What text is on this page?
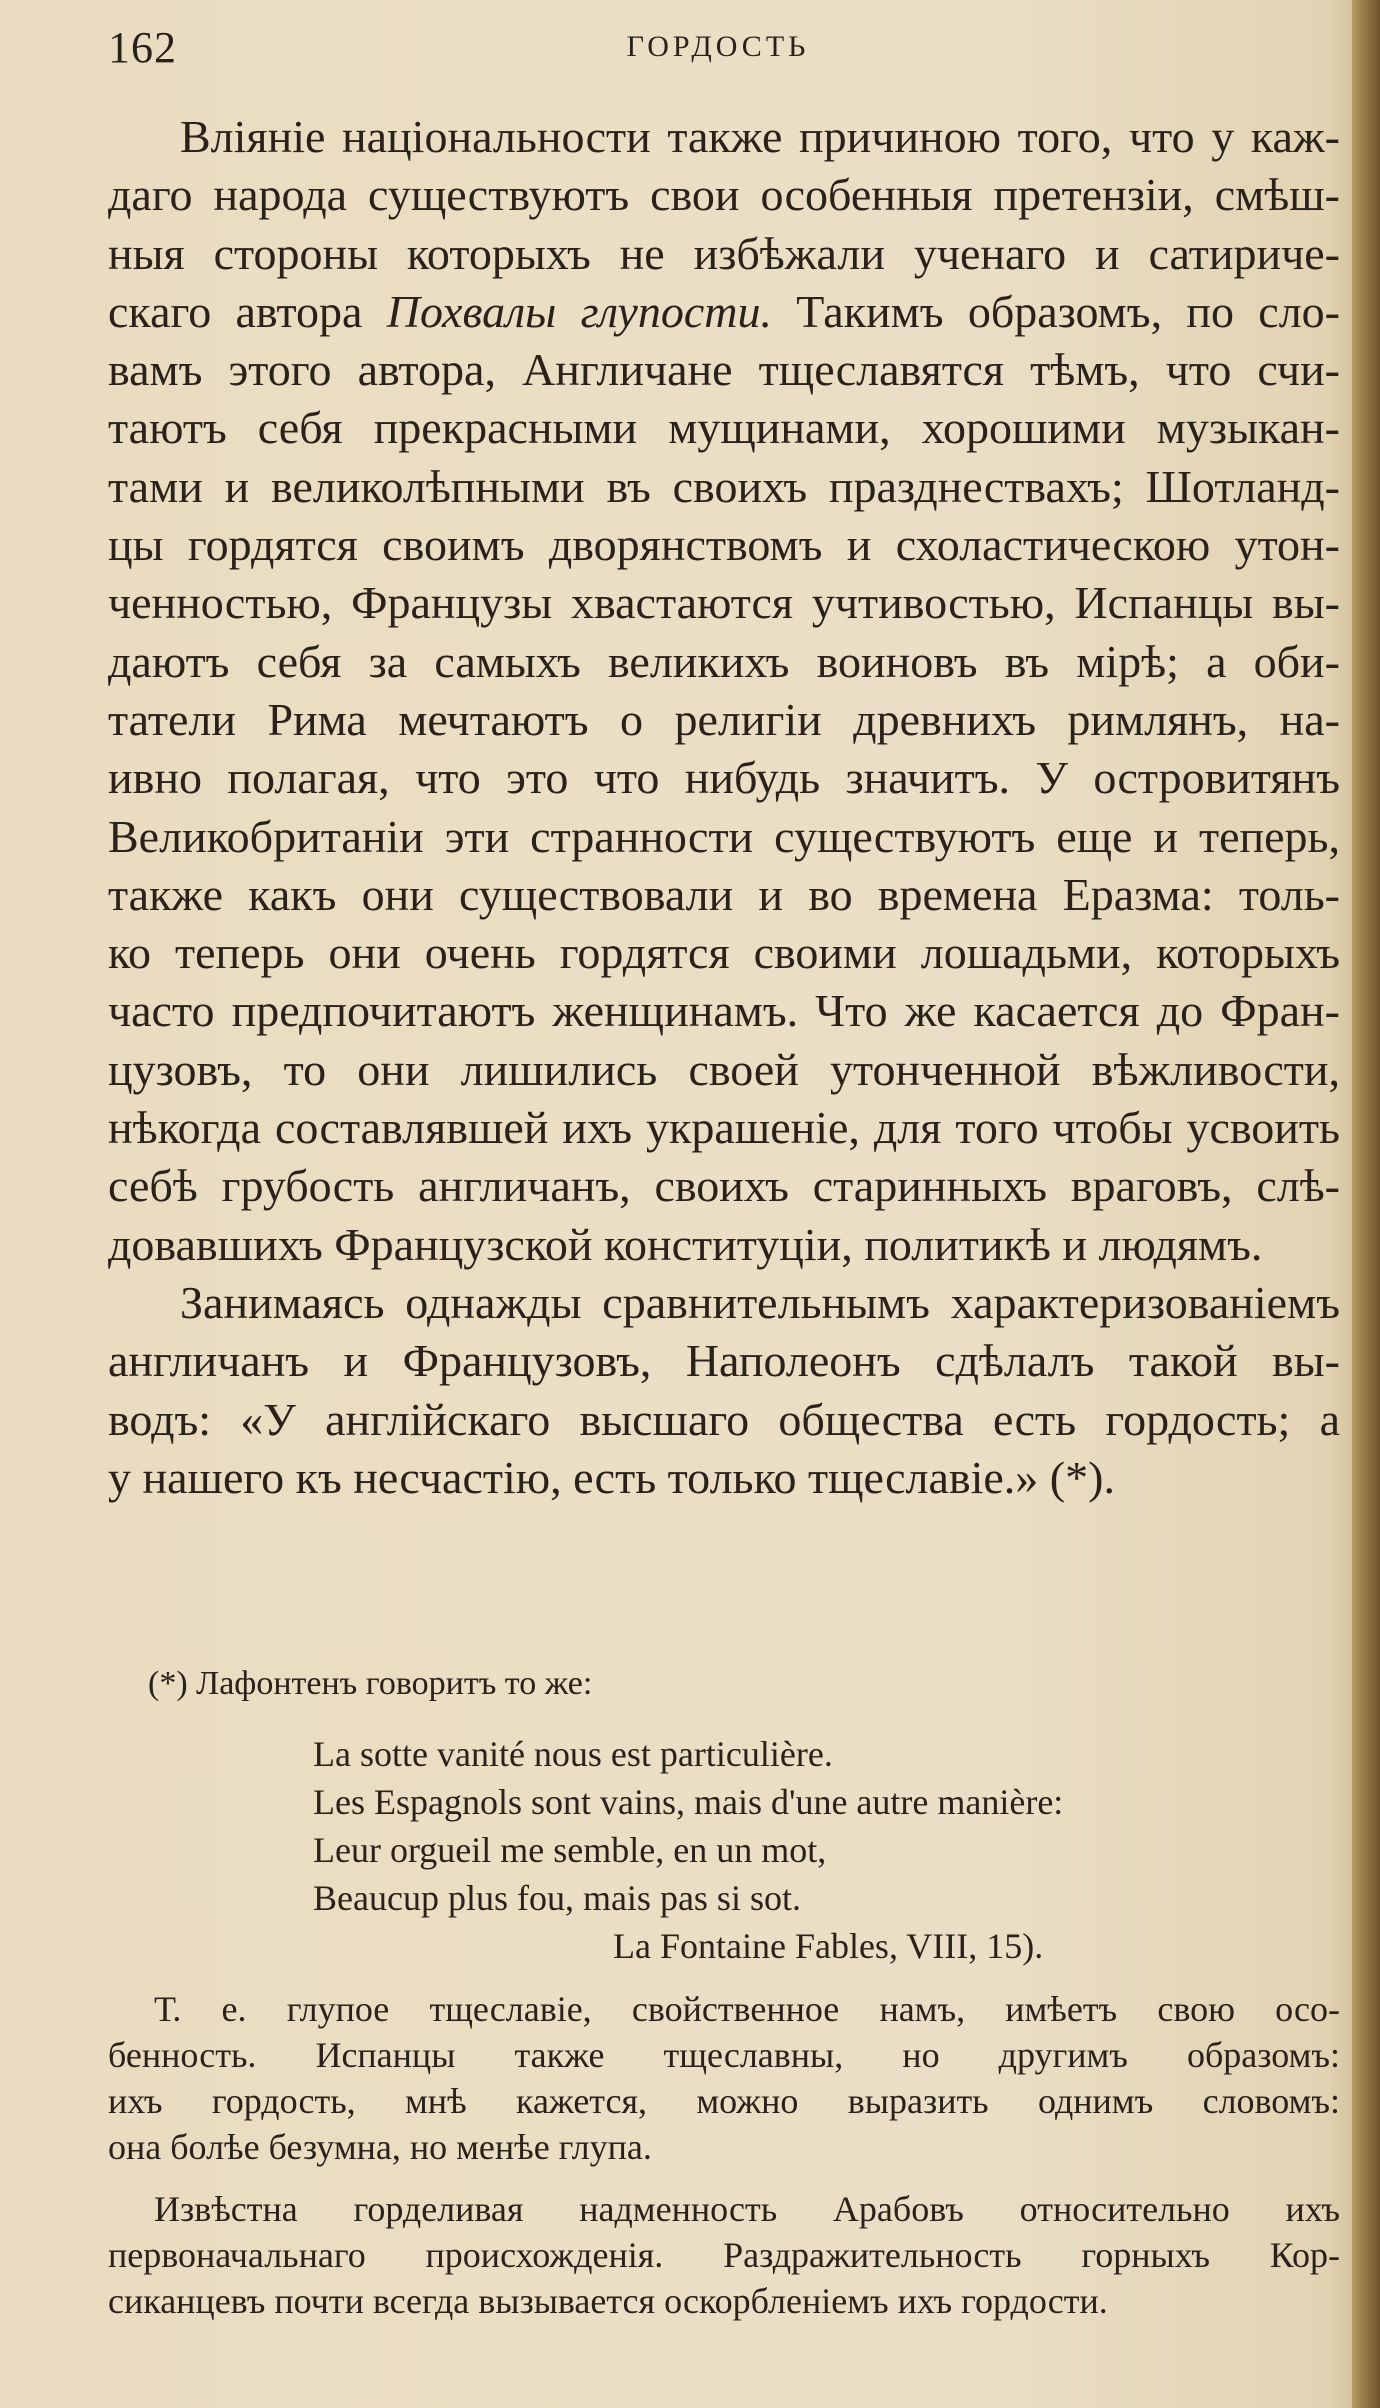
162	ГОРДОСТЬ
Вліяніе національности также причиною того, что у каж-
даго народа существуютъ свои особенныя претензіи, смѣш-
ныя стороны которыхъ не избѣжали ученаго и сатириче-
скаго автора Похвалы глупости. Такимъ образомъ, по сло-
вамъ этого автора, Англичане тщеславятся тѣмъ, что счи-
таютъ себя прекрасными мущинами, хорошими музыкан-
тами и великолѣпными въ своихъ празднествахъ; Шотланд-
цы гордятся своимъ дворянствомъ и схоластическою утон-
ченностью, Французы хвастаются учтивостью, Испанцы вы-
даютъ себя за самыхъ великихъ воиновъ въ мірѣ; а оби-
татели Рима мечтаютъ о религіи древнихъ римлянъ, на-
ивно полагая, что это что нибудь значитъ. У островитянъ
Великобританіи эти странности существуютъ еще и теперь,
также какъ они существовали и во времена Еразма: толь-
ко теперь они очень гордятся своими лошадьми, которыхъ
часто предпочитаютъ женщинамъ. Что же касается до Фран-
цузовъ, то они лишились своей утонченной вѣжливости,
нѣкогда составлявшей ихъ украшеніе, для того чтобы усвоить
себѣ грубость англичанъ, своихъ старинныхъ враговъ, слѣ-
довавшихъ Французской конституціи, политикѣ и людямъ.
Занимаясь однажды сравнительнымъ характеризованіемъ
англичанъ и Французовъ, Наполеонъ сдѣлалъ такой вы-
водъ: «У англійскаго высшаго общества есть гордость; а
у нашего къ несчастію, есть только тщеславіе.» (*).
(*) Лафонтенъ говоритъ то же:
La sotte vanité nous est particulière.
Les Espagnols sont vains, mais d'une autre manière:
Leur orgueil me semble, en un mot,
Beaucup plus fou, mais pas si sot.
La Fontaine Fables, VIII, 15).
Т. е. глупое тщеславіе, свойственное намъ, имѣетъ свою осо-
бенность. Испанцы также тщеславны, но другимъ образомъ:
ихъ гордость, мнѣ кажется, можно выразить однимъ словомъ:
она болѣе безумна, но менѣе глупа.
Извѣстна горделивая надменность Арабовъ относительно ихъ
первоначальнаго происхожденія. Раздражительность горныхъ Кор-
сиканцевъ почти всегда вызывается оскорбленіемъ ихъ гордости.
